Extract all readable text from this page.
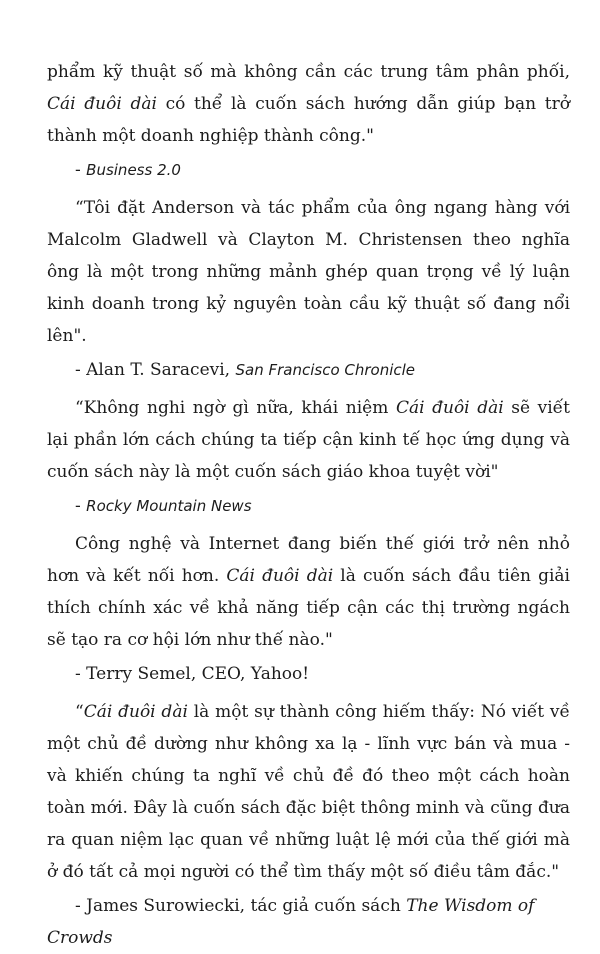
phẩm kỹ thuật số mà không cần các trung tâm phân phối, Cái đuôi dài có thể là cuốn sách hướng dẫn giúp bạn trở thành một doanh nghiệp thành công."

- Business 2.0

“Tôi đặt Anderson và tác phẩm của ông ngang hàng với Malcolm Gladwell và Clayton M. Christensen theo nghĩa ông là một trong những mảnh ghép quan trọng về lý luận kinh doanh trong kỷ nguyên toàn cầu kỹ thuật số đang nổi lên".

- Alan T. Saracevi, San Francisco Chronicle

“Không nghi ngờ gì nữa, khái niệm Cái đuôi dài sẽ viết lại phần lớn cách chúng ta tiếp cận kinh tế học ứng dụng và cuốn sách này là một cuốn sách giáo khoa tuyệt vời"

- Rocky Mountain News

Công nghệ và Internet đang biến thế giới trở nên nhỏ hơn và kết nối hơn. Cái đuôi dài là cuốn sách đầu tiên giải thích chính xác về khả năng tiếp cận các thị trường ngách sẽ tạo ra cơ hội lớn như thế nào."

- Terry Semel, CEO, Yahoo!

“Cái đuôi dài là một sự thành công hiếm thấy: Nó viết về một chủ đề dường như không xa lạ - lĩnh vực bán và mua - và khiến chúng ta nghĩ về chủ đề đó theo một cách hoàn toàn mới. Đây là cuốn sách đặc biệt thông minh và cũng đưa ra quan niệm lạc quan về những luật lệ mới của thế giới mà ở đó tất cả mọi người có thể tìm thấy một số điều tâm đắc."

- James Surowiecki, tác giả cuốn sách The Wisdom of Crowds
